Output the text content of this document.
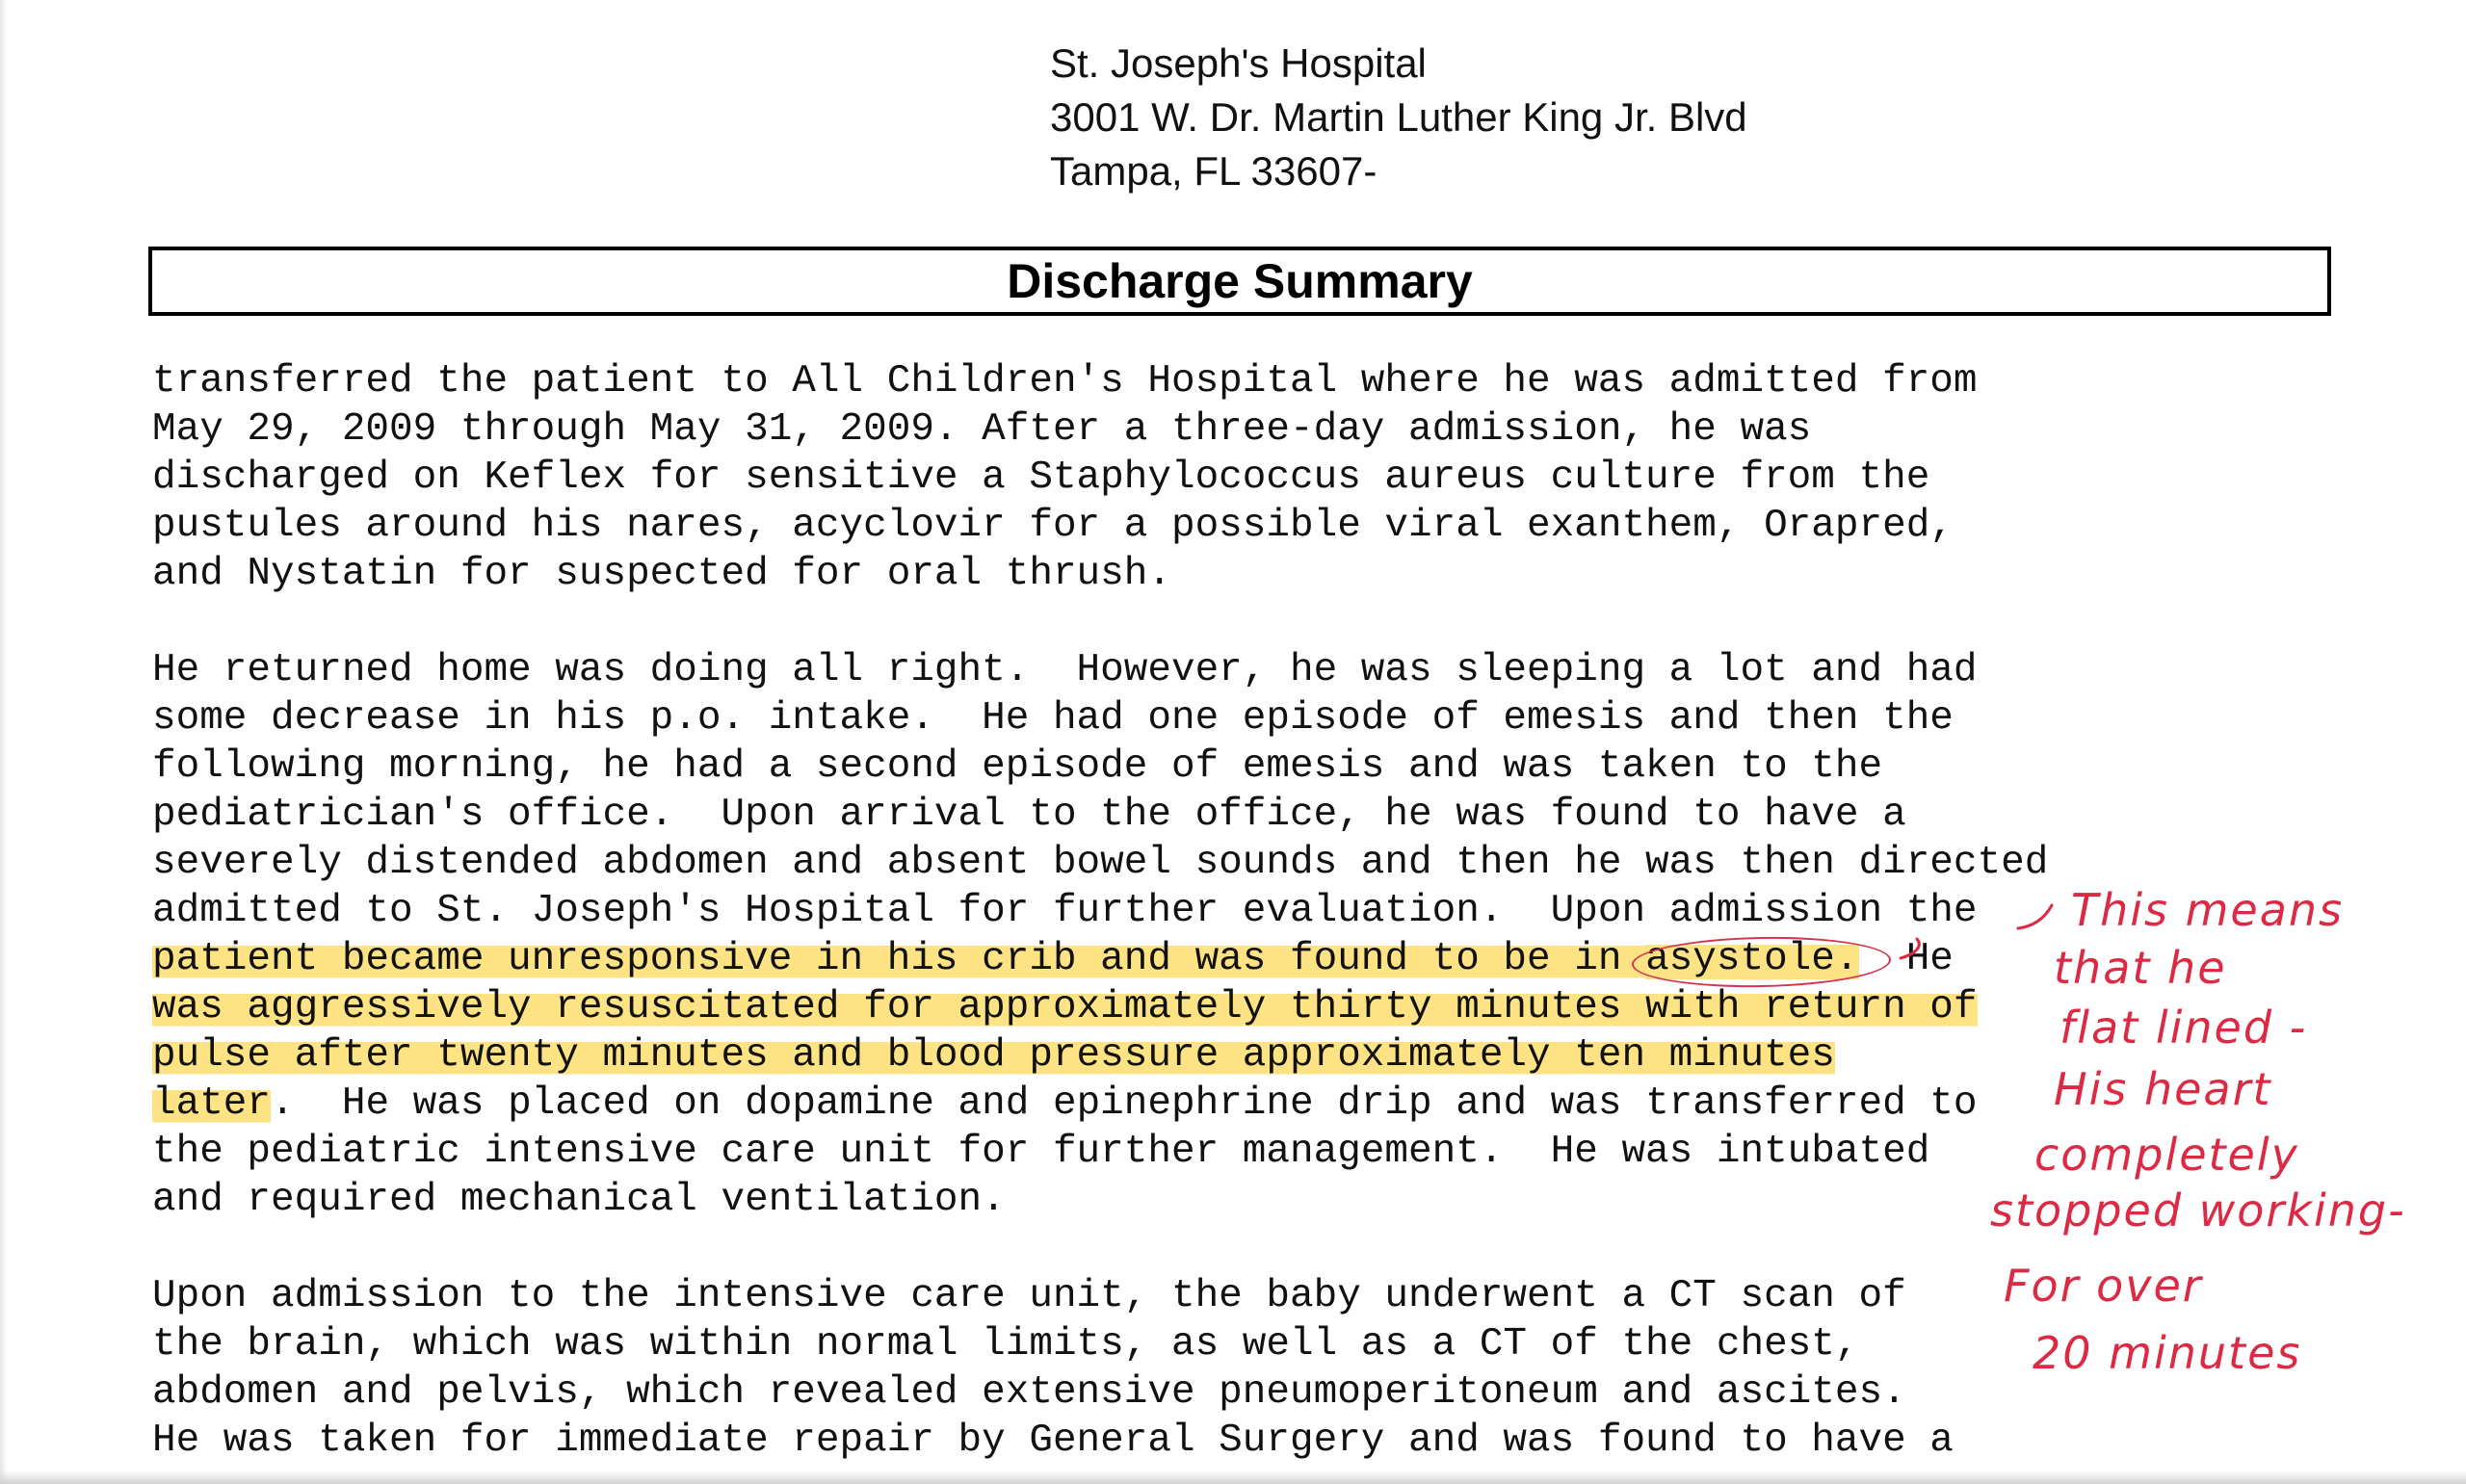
St. Joseph's Hospital
3001 W. Dr. Martin Luther King Jr. Blvd
Tampa, FL 33607-
Discharge Summary
transferred the patient to All Children's Hospital where he was admitted from
May 29, 2009 through May 31, 2009. After a three-day admission, he was
discharged on Keflex for sensitive a Staphylococcus aureus culture from the
pustules around his nares, acyclovir for a possible viral exanthem, Orapred,
and Nystatin for suspected for oral thrush.
He returned home was doing all right.  However, he was sleeping a lot and had
some decrease in his p.o. intake.  He had one episode of emesis and then the
following morning, he had a second episode of emesis and was taken to the
pediatrician's office.  Upon arrival to the office, he was found to have a
severely distended abdomen and absent bowel sounds and then he was then directed
admitted to St. Joseph's Hospital for further evaluation.  Upon admission the
patient became unresponsive in his crib and was found to be in asystole.
He
was aggressively resuscitated for approximately thirty minutes with return of
pulse after twenty minutes and blood pressure approximately ten minutes
later.  He was placed on dopamine and epinephrine drip and was transferred to
the pediatric intensive care unit for further management.  He was intubated
and required mechanical ventilation.
Upon admission to the intensive care unit, the baby underwent a CT scan of
the brain, which was within normal limits, as well as a CT of the chest,
abdomen and pelvis, which revealed extensive pneumoperitoneum and ascites.
He was taken for immediate repair by General Surgery and was found to have a
This means
that he
flat lined -
His heart
completely
stopped working-
For over
20 minutes
